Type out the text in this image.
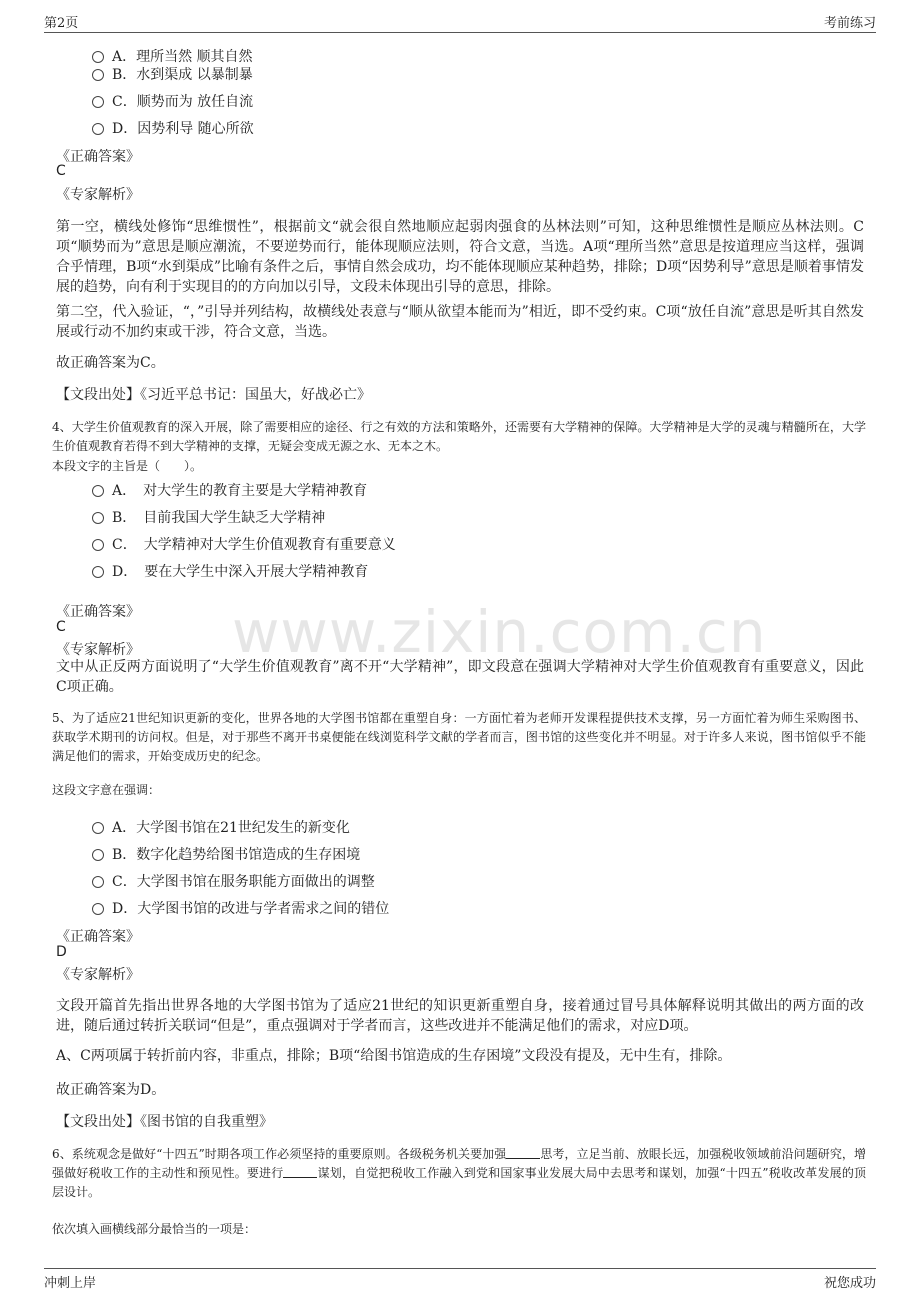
第2页	考前练习
www.zixin.com.cn
A．理所当然 顺其自然
B．水到渠成 以暴制暴
C．顺势而为 放任自流
D．因势利导 随心所欲
《正确答案》
C
《专家解析》
第一空，横线处修饰“思维惯性”，根据前文“就会很自然地顺应起弱肉强食的丛林法则”可知，这种思维惯性是顺应丛林法则。C项“顺势而为”意思是顺应潮流，不要逆势而行，能体现顺应法则，符合文意，当选。A项“理所当然”意思是按道理应当这样，强调合乎情理，B项“水到渠成”比喻有条件之后，事情自然会成功，均不能体现顺应某种趋势，排除；D项“因势利导”意思是顺着事情发展的趋势，向有利于实现目的的方向加以引导，文段未体现出引导的意思，排除。
第二空，代入验证，“，”引导并列结构，故横线处表意与“顺从欲望本能而为”相近，即不受约束。C项“放任自流”意思是听其自然发展或行动不加约束或干涉，符合文意，当选。
故正确答案为C。
【文段出处】《习近平总书记：国虽大，好战必亡》
4、大学生价值观教育的深入开展，除了需要相应的途径、行之有效的方法和策略外，还需要有大学精神的保障。大学精神是大学的灵魂与精髓所在，大学生价值观教育若得不到大学精神的支撑，无疑会变成无源之水、无本之木。
本段文字的主旨是（　　）。
A．　对大学生的教育主要是大学精神教育
B．　目前我国大学生缺乏大学精神
C．　大学精神对大学生价值观教育有重要意义
D．　要在大学生中深入开展大学精神教育
《正确答案》
C
《专家解析》
文中从正反两方面说明了“大学生价值观教育”离不开“大学精神”，即文段意在强调大学精神对大学生价值观教育有重要意义，因此C项正确。
5、为了适应21世纪知识更新的变化，世界各地的大学图书馆都在重塑自身：一方面忙着为老师开发课程提供技术支撑，另一方面忙着为师生采购图书、获取学术期刊的访问权。但是，对于那些不离开书桌便能在线浏览科学文献的学者而言，图书馆的这些变化并不明显。对于许多人来说，图书馆似乎不能满足他们的需求，开始变成历史的纪念。
这段文字意在强调：
A．大学图书馆在21世纪发生的新变化
B．数字化趋势给图书馆造成的生存困境
C．大学图书馆在服务职能方面做出的调整
D．大学图书馆的改进与学者需求之间的错位
《正确答案》
D
《专家解析》
文段开篇首先指出世界各地的大学图书馆为了适应21世纪的知识更新重塑自身，接着通过冒号具体解释说明其做出的两方面的改进，随后通过转折关联词“但是”，重点强调对于学者而言，这些改进并不能满足他们的需求，对应D项。
A、C两项属于转折前内容，非重点，排除；B项“给图书馆造成的生存困境”文段没有提及，无中生有，排除。
故正确答案为D。
【文段出处】《图书馆的自我重塑》
6、系统观念是做好“十四五”时期各项工作必须坚持的重要原则。各级税务机关要加强	思考，立足当前、放眼长远，加强税收领域前沿问题研究，增强做好税收工作的主动性和预见性。要进行	谋划，自觉把税收工作融入到党和国家事业发展大局中去思考和谋划，加强“十四五”税收改革发展的顶层设计。
依次填入画横线部分最恰当的一项是：
冲刺上岸	祝您成功
